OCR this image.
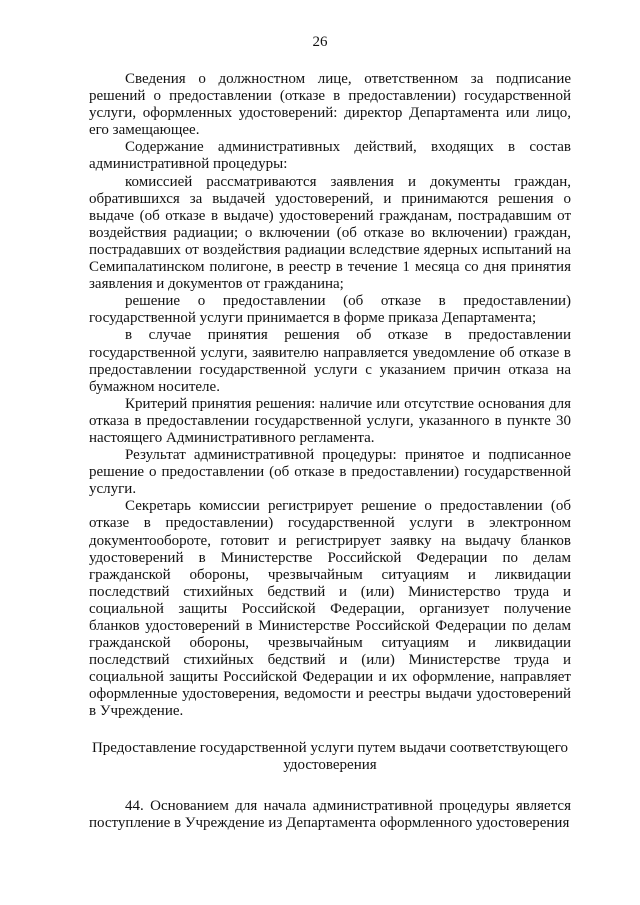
26

Сведения о должностном лице, ответственном за подписание решений о предоставлении (отказе в предоставлении) государственной услуги, оформленных удостоверений: директор Департамента или лицо, его замещающее.

Содержание административных действий, входящих в состав административной процедуры:

комиссией рассматриваются заявления и документы граждан, обратившихся за выдачей удостоверений, и принимаются решения о выдаче (об отказе в выдаче) удостоверений гражданам, пострадавшим от воздействия радиации; о включении (об отказе во включении) граждан, пострадавших от воздействия радиации вследствие ядерных испытаний на Семипалатинском полигоне, в реестр в течение 1 месяца со дня принятия заявления и документов от гражданина;

решение о предоставлении (об отказе в предоставлении) государственной услуги принимается в форме приказа Департамента;

в случае принятия решения об отказе в предоставлении государственной услуги, заявителю направляется уведомление об отказе в предоставлении государственной услуги с указанием причин отказа на бумажном носителе.

Критерий принятия решения: наличие или отсутствие основания для отказа в предоставлении государственной услуги, указанного в пункте 30 настоящего Административного регламента.

Результат административной процедуры: принятое и подписанное решение о предоставлении (об отказе в предоставлении) государственной услуги.

Секретарь комиссии регистрирует решение о предоставлении (об отказе в предоставлении) государственной услуги в электронном документообороте, готовит и регистрирует заявку на выдачу бланков удостоверений в Министерстве Российской Федерации по делам гражданской обороны, чрезвычайным ситуациям и ликвидации последствий стихийных бедствий и (или) Министерство труда и социальной защиты Российской Федерации, организует получение бланков удостоверений в Министерстве Российской Федерации по делам гражданской обороны, чрезвычайным ситуациям и ликвидации последствий стихийных бедствий и (или) Министерстве труда и социальной защиты Российской Федерации и их оформление, направляет оформленные удостоверения, ведомости и реестры выдачи удостоверений в Учреждение.

Предоставление государственной услуги путем выдачи соответствующего удостоверения

44. Основанием для начала административной процедуры является поступление в Учреждение из Департамента оформленного удостоверения
